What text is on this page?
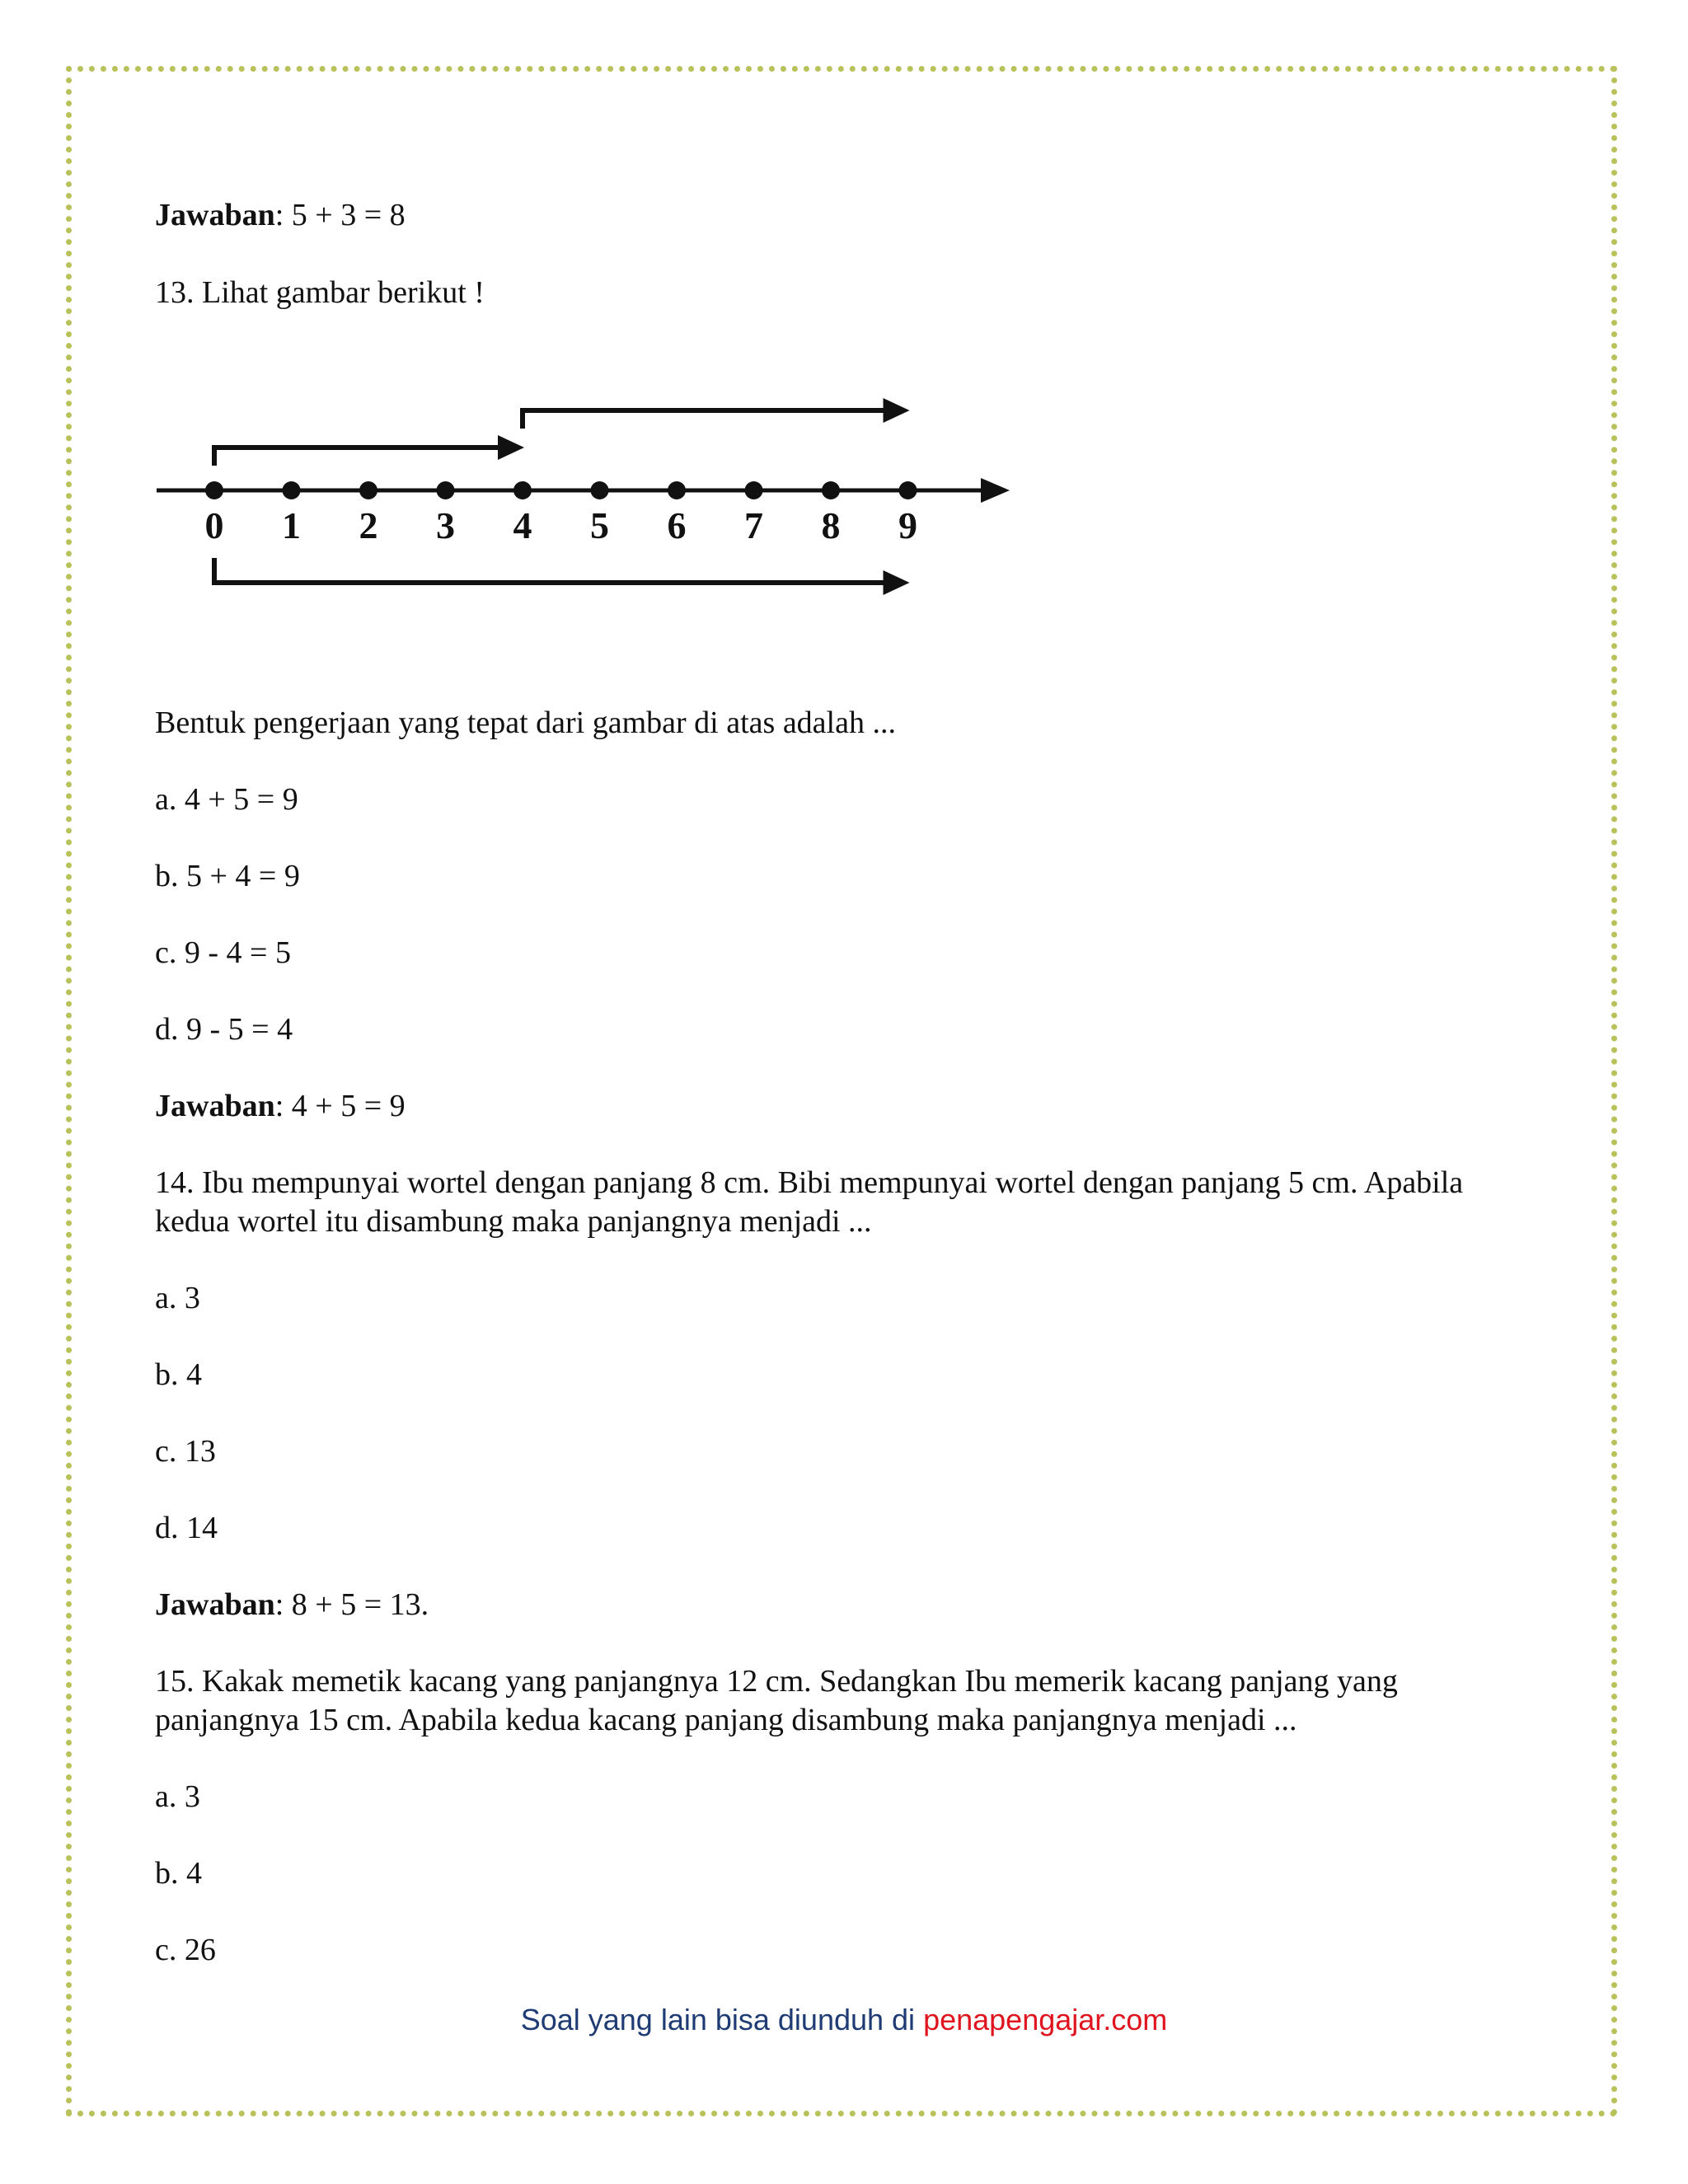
Jawaban: 5 + 3 = 8
13. Lihat gambar berikut !
Bentuk pengerjaan yang tepat dari gambar di atas adalah ...
a. 4 + 5 = 9
b. 5 + 4 = 9
c. 9 - 4 = 5
d. 9 - 5 = 4
Jawaban: 4 + 5 = 9
14. Ibu mempunyai wortel dengan panjang 8 cm. Bibi mempunyai wortel dengan panjang 5 cm. Apabila
kedua wortel itu disambung maka panjangnya menjadi ...
a. 3
b. 4
c. 13
d. 14
Jawaban: 8 + 5 = 13.
15. Kakak memetik kacang yang panjangnya 12 cm. Sedangkan Ibu memerik kacang panjang yang
panjangnya 15 cm. Apabila kedua kacang panjang disambung maka panjangnya menjadi ...
a. 3
b. 4
c. 26
0 1 2 3 4 5 6 7 8 9
Soal yang lain bisa diunduh di penapengajar.com
